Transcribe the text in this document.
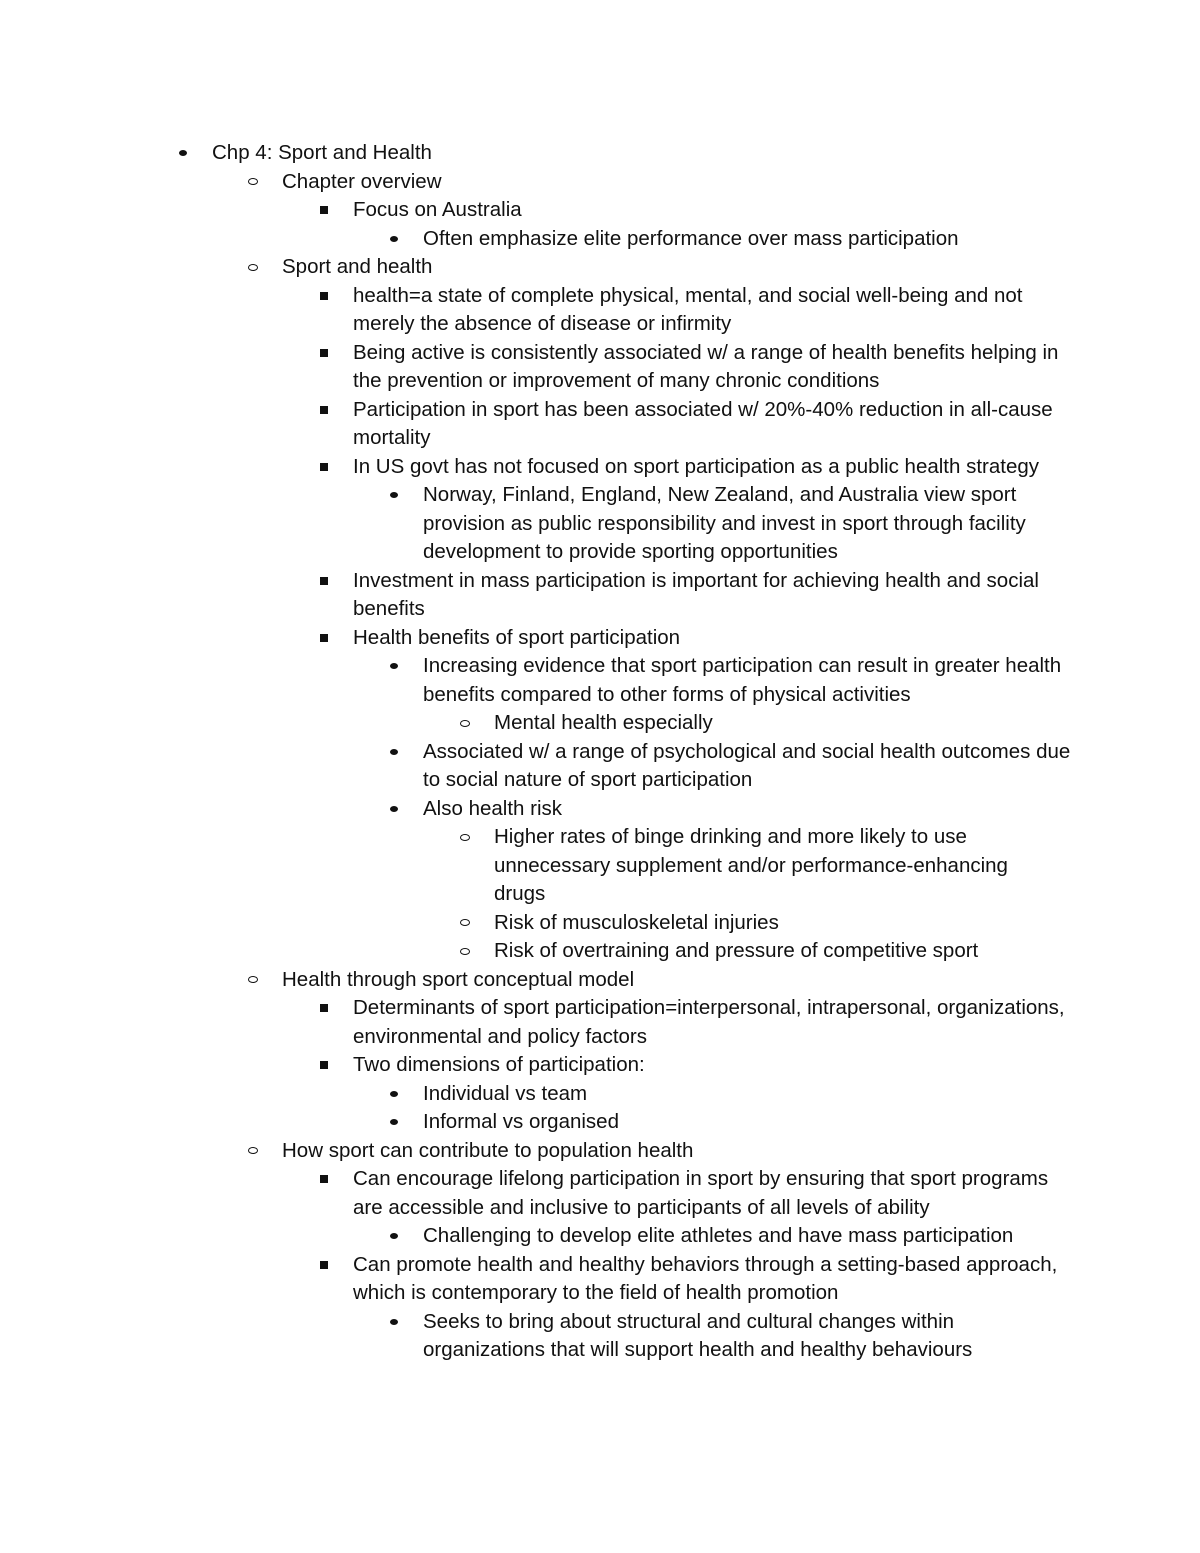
Chp 4: Sport and Health
Chapter overview
Focus on Australia
Often emphasize elite performance over mass participation
Sport and health
health=a state of complete physical, mental, and social well-being and not merely the absence of disease or infirmity
Being active is consistently associated w/ a range of health benefits helping in the prevention or improvement of many chronic conditions
Participation in sport has been associated w/ 20%-40% reduction in all-cause mortality
In US govt has not focused on sport participation as a public health strategy
Norway, Finland, England, New Zealand, and Australia view sport provision as public responsibility and invest in sport through facility development to provide sporting opportunities
Investment in mass participation is important for achieving health and social benefits
Health benefits of sport participation
Increasing evidence that sport participation can result in greater health benefits compared to other forms of physical activities
Mental health especially
Associated w/ a range of psychological and social health outcomes due to social nature of sport participation
Also health risk
Higher rates of binge drinking and more likely to use unnecessary supplement and/or performance-enhancing drugs
Risk of musculoskeletal injuries
Risk of overtraining and pressure of competitive sport
Health through sport conceptual model
Determinants of sport participation=interpersonal, intrapersonal, organizations, environmental and policy factors
Two dimensions of participation:
Individual vs team
Informal vs organised
How sport can contribute to population health
Can encourage lifelong participation in sport by ensuring that sport programs are accessible and inclusive to participants of all levels of ability
Challenging to develop elite athletes and have mass participation
Can promote health and healthy behaviors through a setting-based approach, which is contemporary to the field of health promotion
Seeks to bring about structural and cultural changes within organizations that will support health and healthy behaviours
